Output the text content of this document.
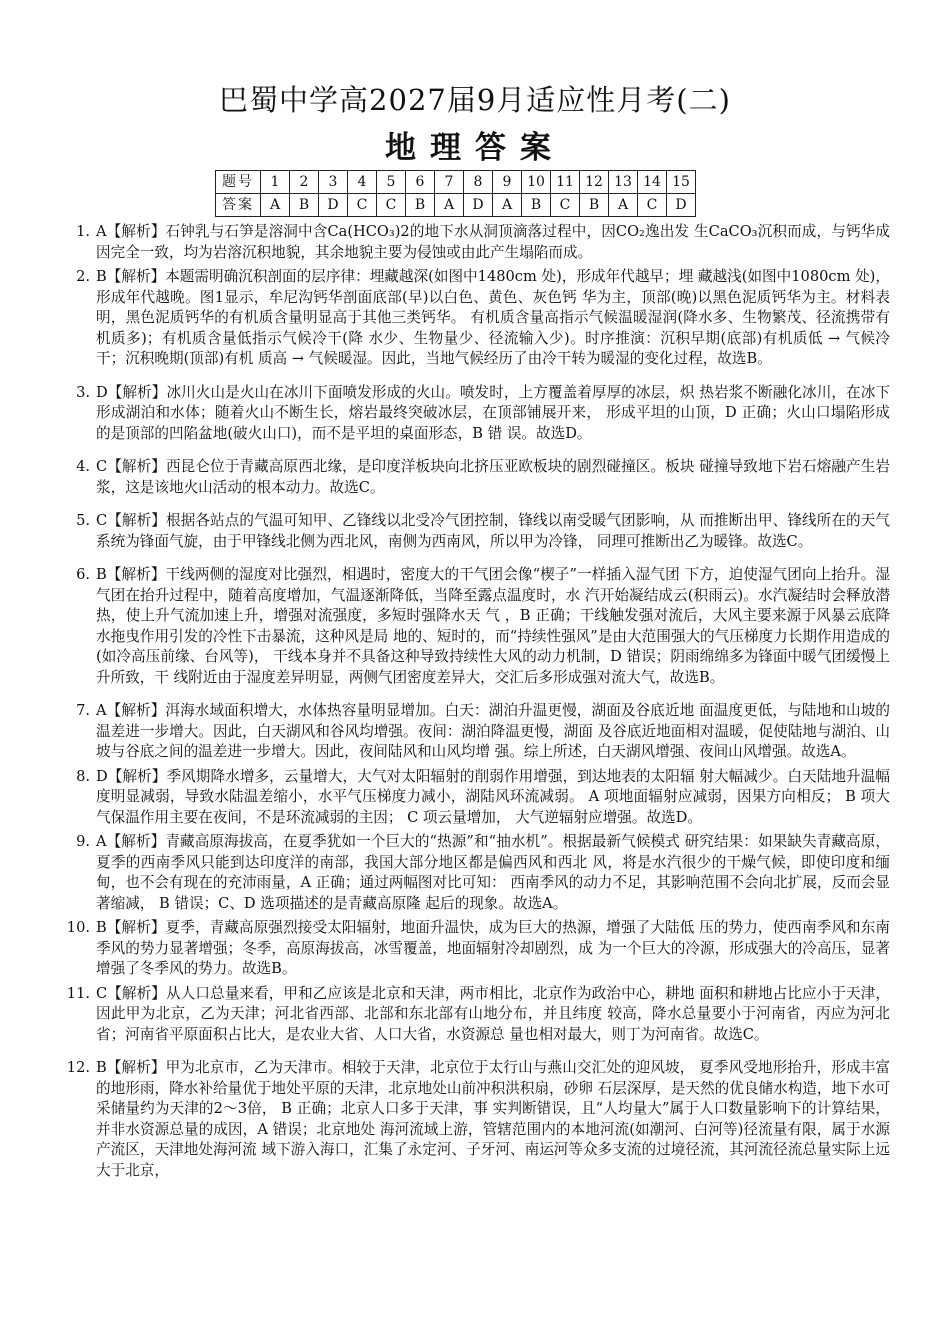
巴蜀中学高2027届9月适应性月考(二)
地理答案
题号	1	2	3	4	5	6	7	8	9	10	11	12	13	14	15
答案	A	B	D	C	C	B	A	D	A	B	C	B	A	C	D
1. A【解析】石钟乳与石笋是溶洞中含Ca(HCO₃)2的地下水从洞顶滴落过程中，因CO₂逸出发 生CaCO₃沉积而成，与钙华成因完全一致，均为岩溶沉积地貌，其余地貌主要为侵蚀或由此产生塌陷而成。
2. B【解析】本题需明确沉积剖面的层序律：埋藏越深(如图中1480cm 处)，形成年代越早；埋 藏越浅(如图中1080cm 处)，形成年代越晚。图1显示，牟尼沟钙华剖面底部(早)以白色、黄色、灰色钙 华为主，顶部(晚)以黑色泥质钙华为主。材料表明，黑色泥质钙华的有机质含量明显高于其他三类钙华。 有机质含量高指示气候温暖湿润(降水多、生物繁茂、径流携带有机质多)；有机质含量低指示气候冷干(降 水少、生物量少、径流输入少)。时序推演：沉积早期(底部)有机质低 → 气候冷干；沉积晚期(顶部)有机 质高 → 气候暖湿。因此，当地气候经历了由冷干转为暖湿的变化过程，故选B。
3. D【解析】冰川火山是火山在冰川下面喷发形成的火山。喷发时，上方覆盖着厚厚的冰层，炽 热岩浆不断融化冰川，在冰下形成湖泊和水体；随着火山不断生长，熔岩最终突破冰层，在顶部铺展开来， 形成平坦的山顶，D 正确；火山口塌陷形成的是顶部的凹陷盆地(破火山口)，而不是平坦的桌面形态，B 错 误。故选D。
4. C【解析】西昆仑位于青藏高原西北缘，是印度洋板块向北挤压亚欧板块的剧烈碰撞区。板块 碰撞导致地下岩石熔融产生岩浆，这是该地火山活动的根本动力。故选C。
5. C【解析】根据各站点的气温可知甲、乙锋线以北受冷气团控制，锋线以南受暖气团影响，从 而推断出甲、锋线所在的天气系统为锋面气旋，由于甲锋线北侧为西北风，南侧为西南风，所以甲为冷锋， 同理可推断出乙为暖锋。故选C。
6. B【解析】干线两侧的湿度对比强烈，相遇时，密度大的干气团会像“楔子”一样插入湿气团 下方，迫使湿气团向上抬升。湿气团在抬升过程中，随着高度增加，气温逐渐降低，当降至露点温度时，水 汽开始凝结成云(积雨云)。水汽凝结时会释放潜热，使上升气流加速上升，增强对流强度，多短时强降水天 气 ，B 正确；干线触发强对流后，大风主要来源于风暴云底降水拖曳作用引发的冷性下击暴流，这种风是局 地的、短时的，而“持续性强风”是由大范围强大的气压梯度力长期作用造成的(如冷高压前缘、台风等)， 干线本身并不具备这种导致持续性大风的动力机制，D 错误；阴雨绵绵多为锋面中暖气团缓慢上升所致，干 线附近由于湿度差异明显，两侧气团密度差异大，交汇后多形成强对流大气，故选B。
7. A【解析】洱海水域面积增大，水体热容量明显增加。白天：湖泊升温更慢，湖面及谷底近地 面温度更低，与陆地和山坡的温差进一步增大。因此，白天湖风和谷风均增强。夜间：湖泊降温更慢，湖面 及谷底近地面相对温暖，促使陆地与湖泊、山坡与谷底之间的温差进一步增大。因此，夜间陆风和山风均增 强。综上所述，白天湖风增强、夜间山风增强。故选A。
8. D【解析】季风期降水增多，云量增大，大气对太阳辐射的削弱作用增强，到达地表的太阳辐 射大幅减少。白天陆地升温幅度明显减弱，导致水陆温差缩小，水平气压梯度力减小，湖陆风环流减弱。 A 项地面辐射应减弱，因果方向相反； B 项大气保温作用主要在夜间，不是环流减弱的主因； C 项云量增加， 大气逆辐射应增强。故选D。
9. A【解析】青藏高原海拔高，在夏季犹如一个巨大的“热源”和“抽水机”。根据最新气候模式 研究结果：如果缺失青藏高原，夏季的西南季风只能到达印度洋的南部，我国大部分地区都是偏西风和西北 风，将是水汽很少的干燥气候，即使印度和缅甸，也不会有现在的充沛雨量，A 正确；通过两幅图对比可知： 西南季风的动力不足，其影响范围不会向北扩展，反而会显著缩减， B 错误；C、D 选项描述的是青藏高原隆 起后的现象。故选A。
10. B【解析】夏季，青藏高原强烈接受太阳辐射，地面升温快，成为巨大的热源，增强了大陆低 压的势力，使西南季风和东南季风的势力显著增强；冬季，高原海拔高，冰雪覆盖，地面辐射冷却剧烈，成 为一个巨大的冷源，形成强大的冷高压，显著增强了冬季风的势力。故选B。
11. C【解析】从人口总量来看，甲和乙应该是北京和天津，两市相比，北京作为政治中心，耕地 面积和耕地占比应小于天津，因此甲为北京，乙为天津；河北省西部、北部和东北部有山地分布，并且纬度 较高，降水总量要小于河南省，丙应为河北省；河南省平原面积占比大，是农业大省、人口大省，水资源总 量也相对最大，则丁为河南省。故选C。
12. B【解析】甲为北京市，乙为天津市。相较于天津，北京位于太行山与燕山交汇处的迎风坡， 夏季风受地形抬升，形成丰富的地形雨，降水补给量优于地处平原的天津，北京地处山前冲积洪积扇，砂卵 石层深厚，是天然的优良储水构造，地下水可采储量约为天津的2～3倍， B 正确；北京人口多于天津，事 实判断错误，且“人均量大”属于人口数量影响下的计算结果，并非水资源总量的成因，A 错误；北京地处 海河流域上游，管辖范围内的本地河流(如潮河、白河等)径流量有限，属于水源产流区，天津地处海河流 域下游入海口，汇集了永定河、子牙河、南运河等众多支流的过境径流，其河流径流总量实际上远大于北京，
